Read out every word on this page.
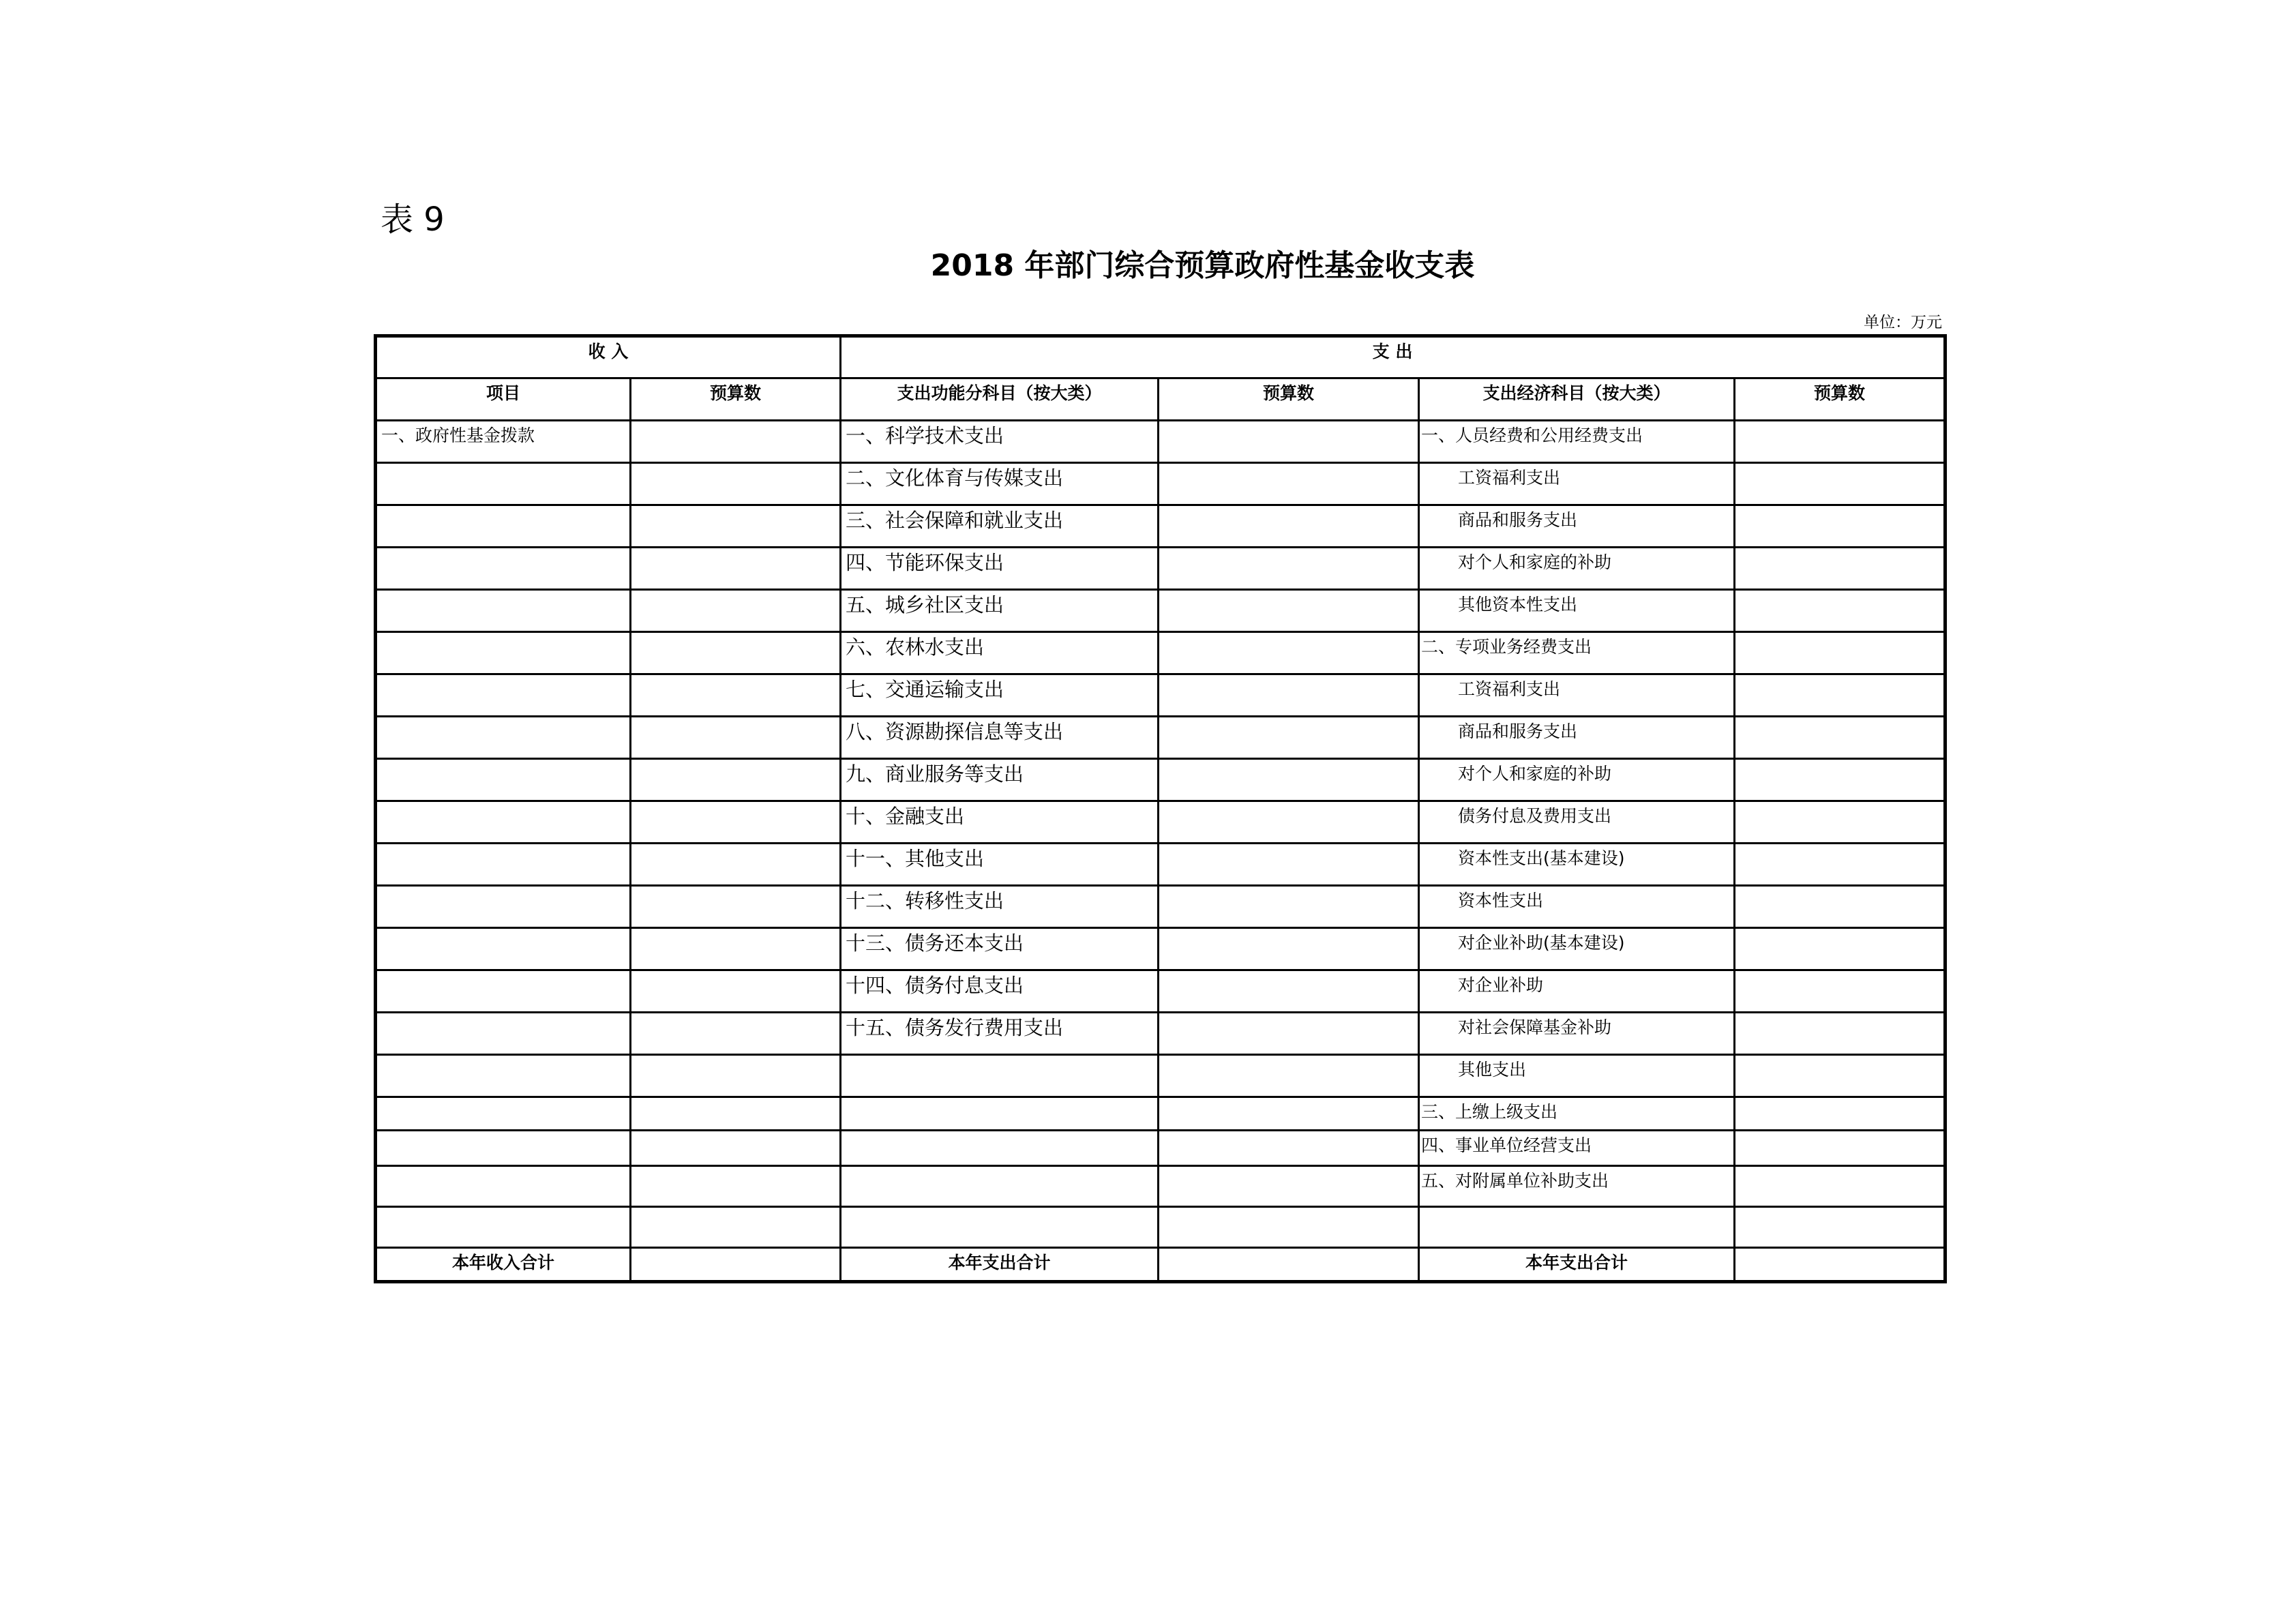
表 9
2018 年部门综合预算政府性基金收支表
单位：万元
收 入		支 出			
项目	预算数	支出功能分科目（按大类）	预算数	支出经济科目（按大类）	预算数
一、政府性基金拨款		一、科学技术支出		一、人员经费和公用经费支出	
		二、文化体育与传媒支出		工资福利支出	
		三、社会保障和就业支出		商品和服务支出	
		四、节能环保支出		对个人和家庭的补助	
		五、城乡社区支出		其他资本性支出	
		六、农林水支出		二、专项业务经费支出	
		七、交通运输支出		工资福利支出	
		八、资源勘探信息等支出		商品和服务支出	
		九、商业服务等支出		对个人和家庭的补助	
		十、金融支出		债务付息及费用支出	
		十一、其他支出		资本性支出(基本建设)	
		十二、转移性支出		资本性支出	
		十三、债务还本支出		对企业补助(基本建设)	
		十四、债务付息支出		对企业补助	
		十五、债务发行费用支出		对社会保障基金补助	
				其他支出	
				三、上缴上级支出	
				四、事业单位经营支出	
				五、对附属单位补助支出	

本年收入合计		本年支出合计		本年支出合计	
